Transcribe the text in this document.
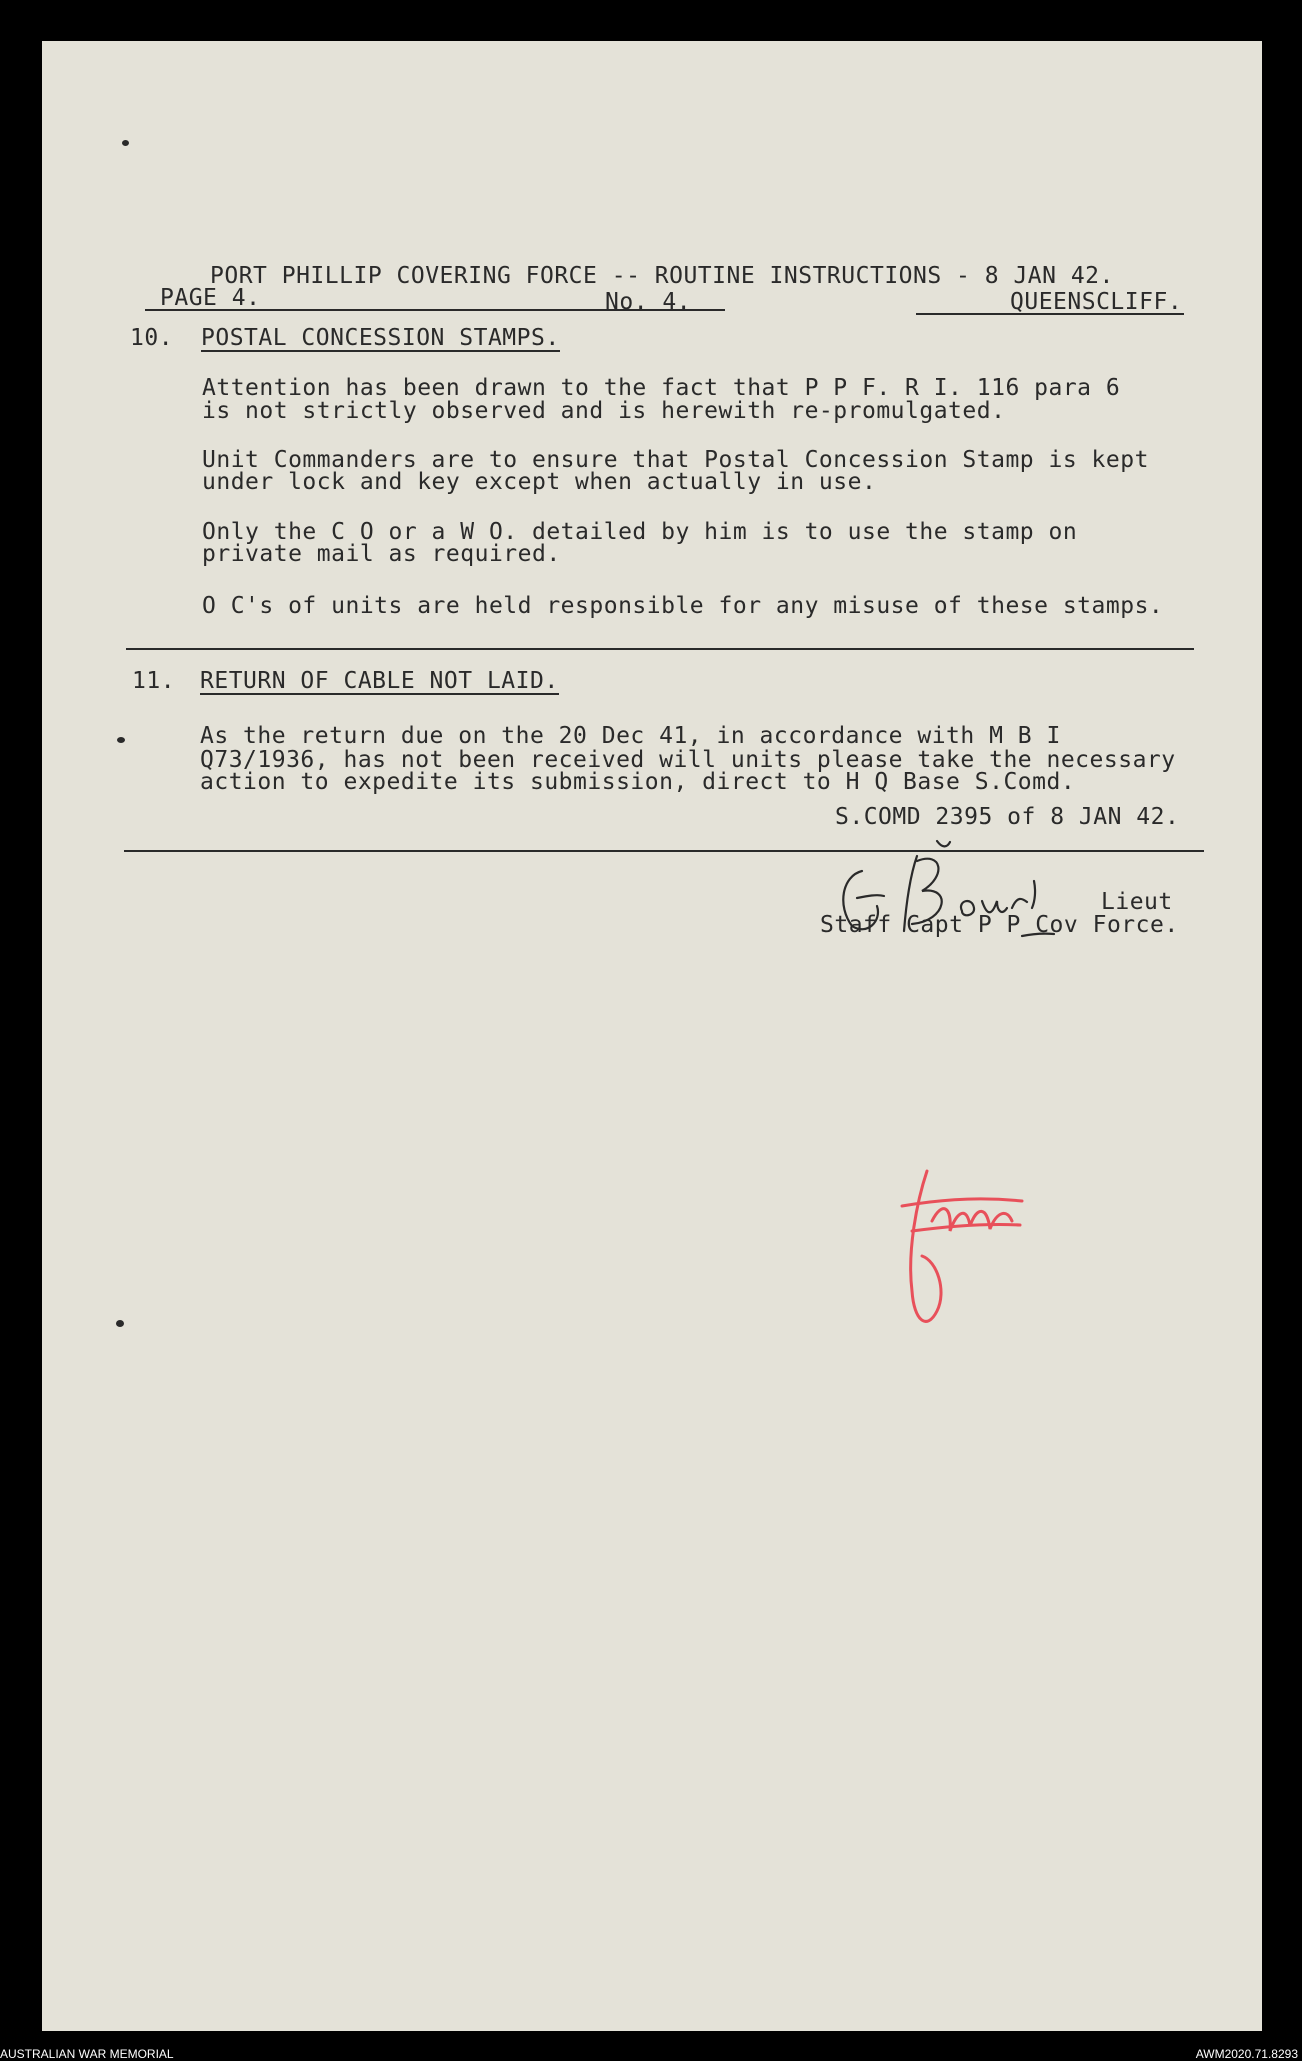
PORT PHILLIP COVERING FORCE -- ROUTINE INSTRUCTIONS - 8 JAN 42.
PAGE 4.	No. 4.	QUEENSCLIFF.
10. POSTAL CONCESSION STAMPS.
Attention has been drawn to the fact that P P F. R I. 116 para 6
is not strictly observed and is herewith re-promulgated.
Unit Commanders are to ensure that Postal Concession Stamp is kept
under lock and key except when actually in use.
Only the C O or a W O. detailed by him is to use the stamp on
private mail as required.
O C's of units are held responsible for any misuse of these stamps.
11. RETURN OF CABLE NOT LAID.
As the return due on the 20 Dec 41, in accordance with M B I
Q73/1936, has not been received will units please take the necessary
action to expedite its submission, direct to H Q Base S.Comd.
S.COMD 2395 of 8 JAN 42.
Lieut
Staff Capt P P Cov Force.
AUSTRALIAN WAR MEMORIAL	AWM2020.71.8293
